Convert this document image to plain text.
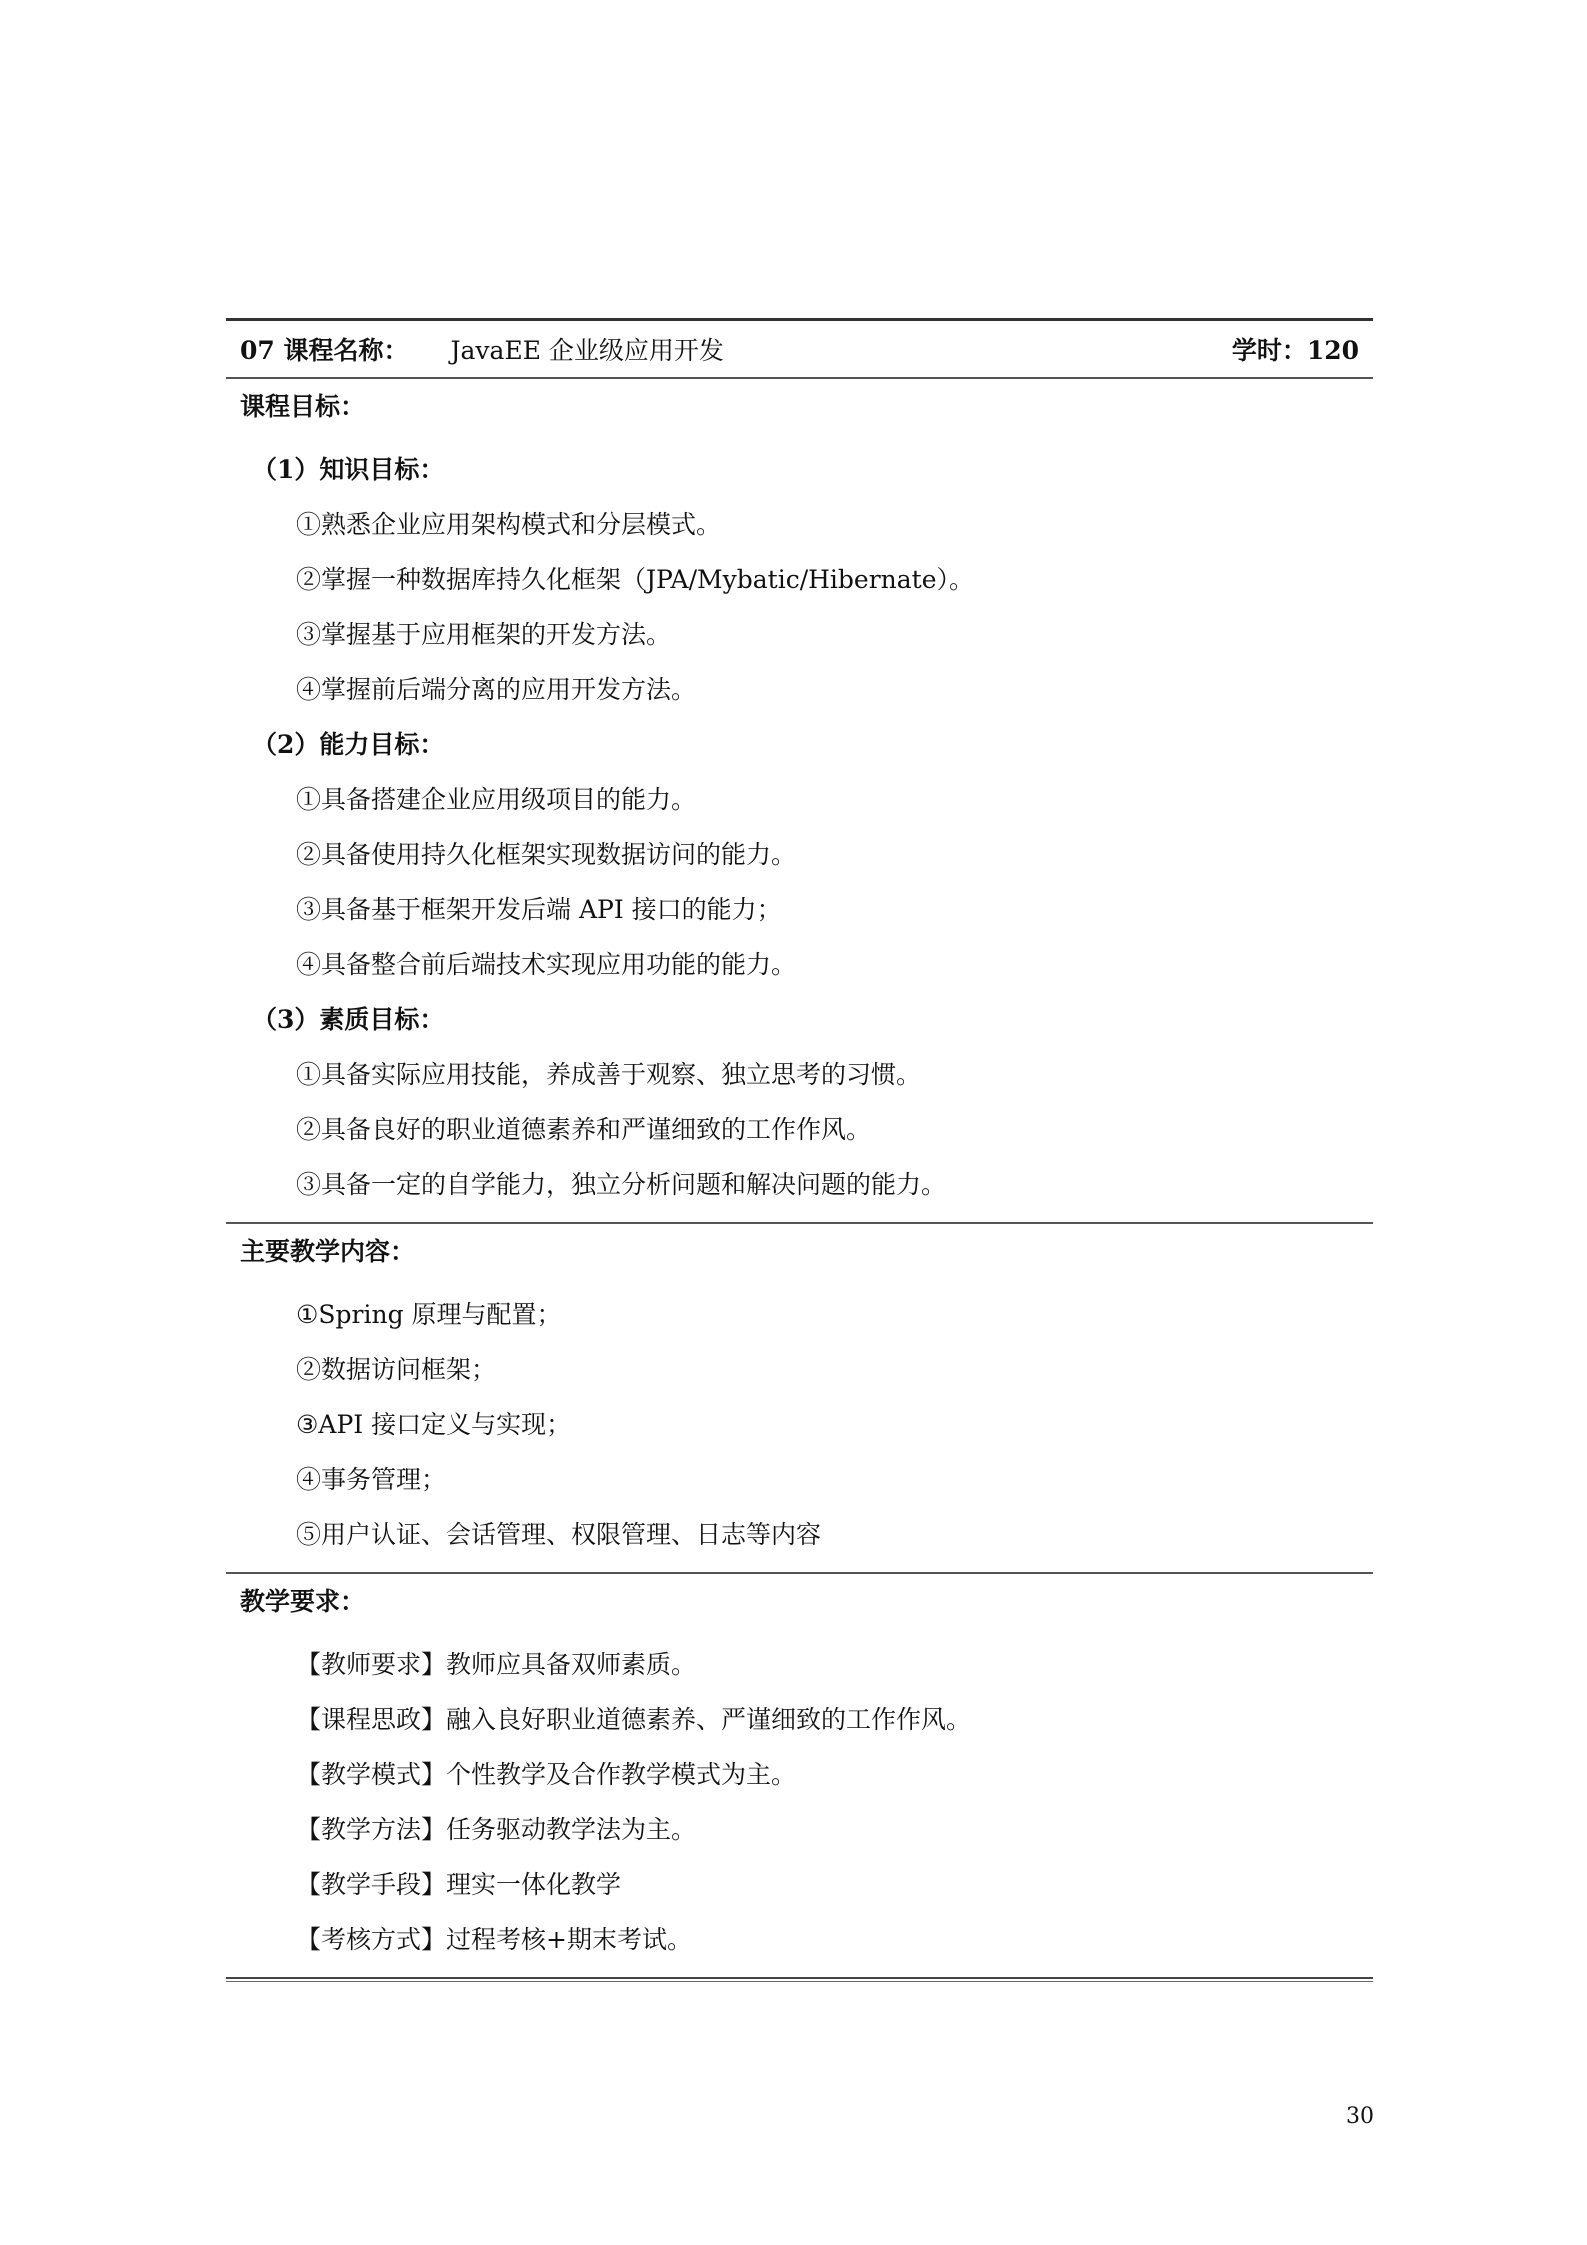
07 课程名称： JavaEE 企业级应用开发	学时：120
课程目标：
（1）知识目标：
①熟悉企业应用架构模式和分层模式。
②掌握一种数据库持久化框架（JPA/Mybatic/Hibernate）。
③掌握基于应用框架的开发方法。
④掌握前后端分离的应用开发方法。
（2）能力目标：
①具备搭建企业应用级项目的能力。
②具备使用持久化框架实现数据访问的能力。
③具备基于框架开发后端 API 接口的能力；
④具备整合前后端技术实现应用功能的能力。
（3）素质目标：
①具备实际应用技能，养成善于观察、独立思考的习惯。
②具备良好的职业道德素养和严谨细致的工作作风。
③具备一定的自学能力，独立分析问题和解决问题的能力。
主要教学内容：
①Spring 原理与配置；
②数据访问框架；
③API 接口定义与实现；
④事务管理；
⑤用户认证、会话管理、权限管理、日志等内容
教学要求：
【教师要求】教师应具备双师素质。
【课程思政】融入良好职业道德素养、严谨细致的工作作风。
【教学模式】个性教学及合作教学模式为主。
【教学方法】任务驱动教学法为主。
【教学手段】理实一体化教学
【考核方式】过程考核+期末考试。
30
